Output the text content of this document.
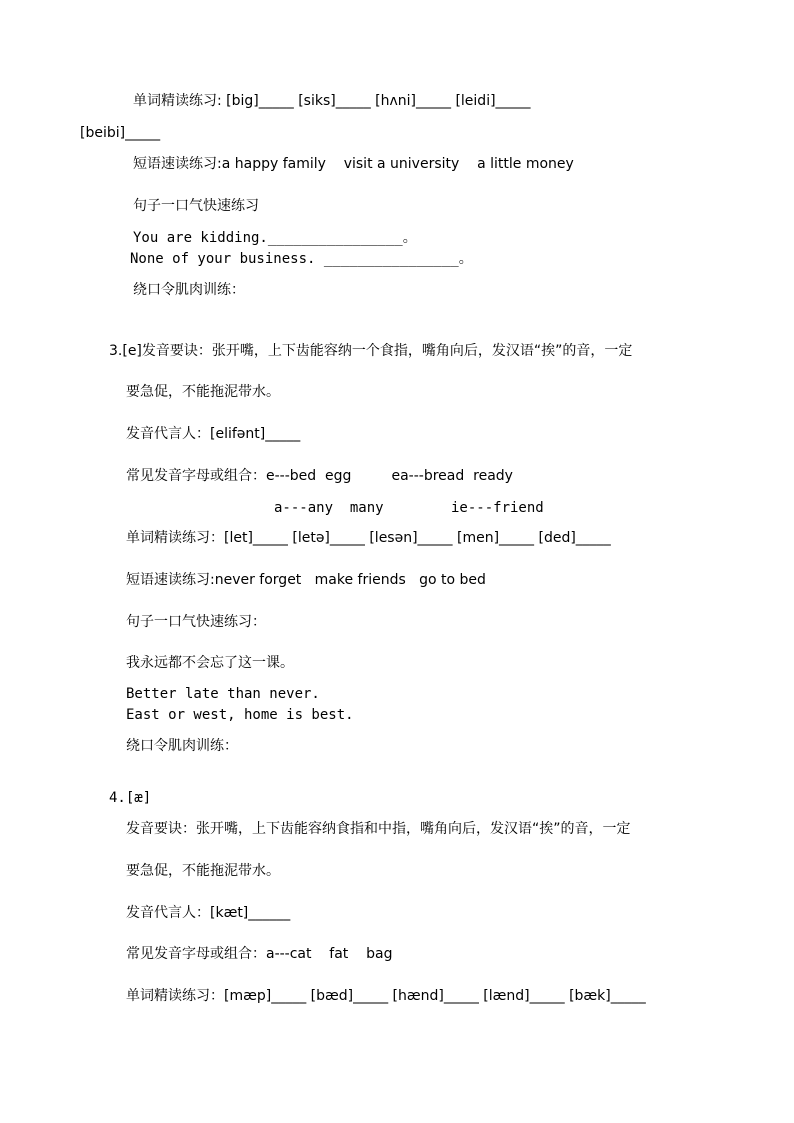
单词精读练习: [big]_____ [siks]_____ [hʌni]_____ [leidi]_____
[beibi]_____
短语速读练习:a happy family    visit a university    a little money
句子一口气快速练习
You are kidding.________________。
None of your business. ________________。
绕口令肌肉训练：
3.[e]发音要诀：张开嘴，上下齿能容纳一个食指，嘴角向后，发汉语“挨”的音，一定
要急促，不能拖泥带水。
发音代言人：[elifənt]_____
常见发音字母或组合：e---bed  egg         ea---bread  ready
a---any  many        ie---friend
单词精读练习：[let]_____ [letə]_____ [lesən]_____ [men]_____ [ded]_____
短语速读练习:never forget   make friends   go to bed
句子一口气快速练习：
我永远都不会忘了这一课。
Better late than never.
East or west, home is best.
绕口令肌肉训练：
4.[æ]
发音要诀：张开嘴，上下齿能容纳食指和中指，嘴角向后，发汉语“挨”的音，一定
要急促，不能拖泥带水。
发音代言人：[kæt]______
常见发音字母或组合：a---cat    fat    bag
单词精读练习：[mæp]_____ [bæd]_____ [hænd]_____ [lænd]_____ [bæk]_____
